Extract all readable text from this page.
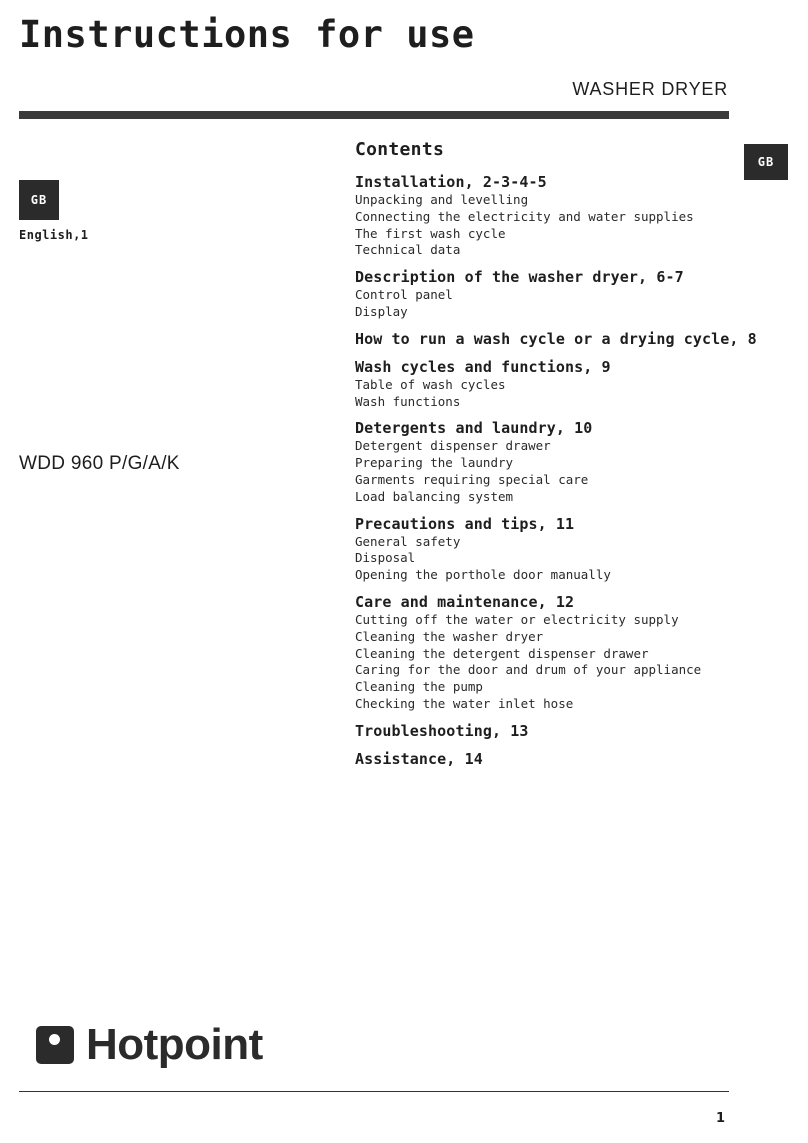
Instructions for use
WASHER DRYER
GB
English,1
WDD 960 P/G/A/K
GB
Contents
Installation, 2-3-4-5
Unpacking and levelling
Connecting the electricity and water supplies
The first wash cycle
Technical data
Description of the washer dryer, 6-7
Control panel
Display
How to run a wash cycle or a drying cycle, 8
Wash cycles and functions, 9
Table of wash cycles
Wash functions
Detergents and laundry, 10
Detergent dispenser drawer
Preparing the laundry
Garments requiring special care
Load balancing system
Precautions and tips, 11
General safety
Disposal
Opening the porthole door manually
Care and maintenance, 12
Cutting off the water or electricity supply
Cleaning the washer dryer
Cleaning the detergent dispenser drawer
Caring for the door and drum of your appliance
Cleaning the pump
Checking the water inlet hose
Troubleshooting, 13
Assistance, 14
Hotpoint
1
